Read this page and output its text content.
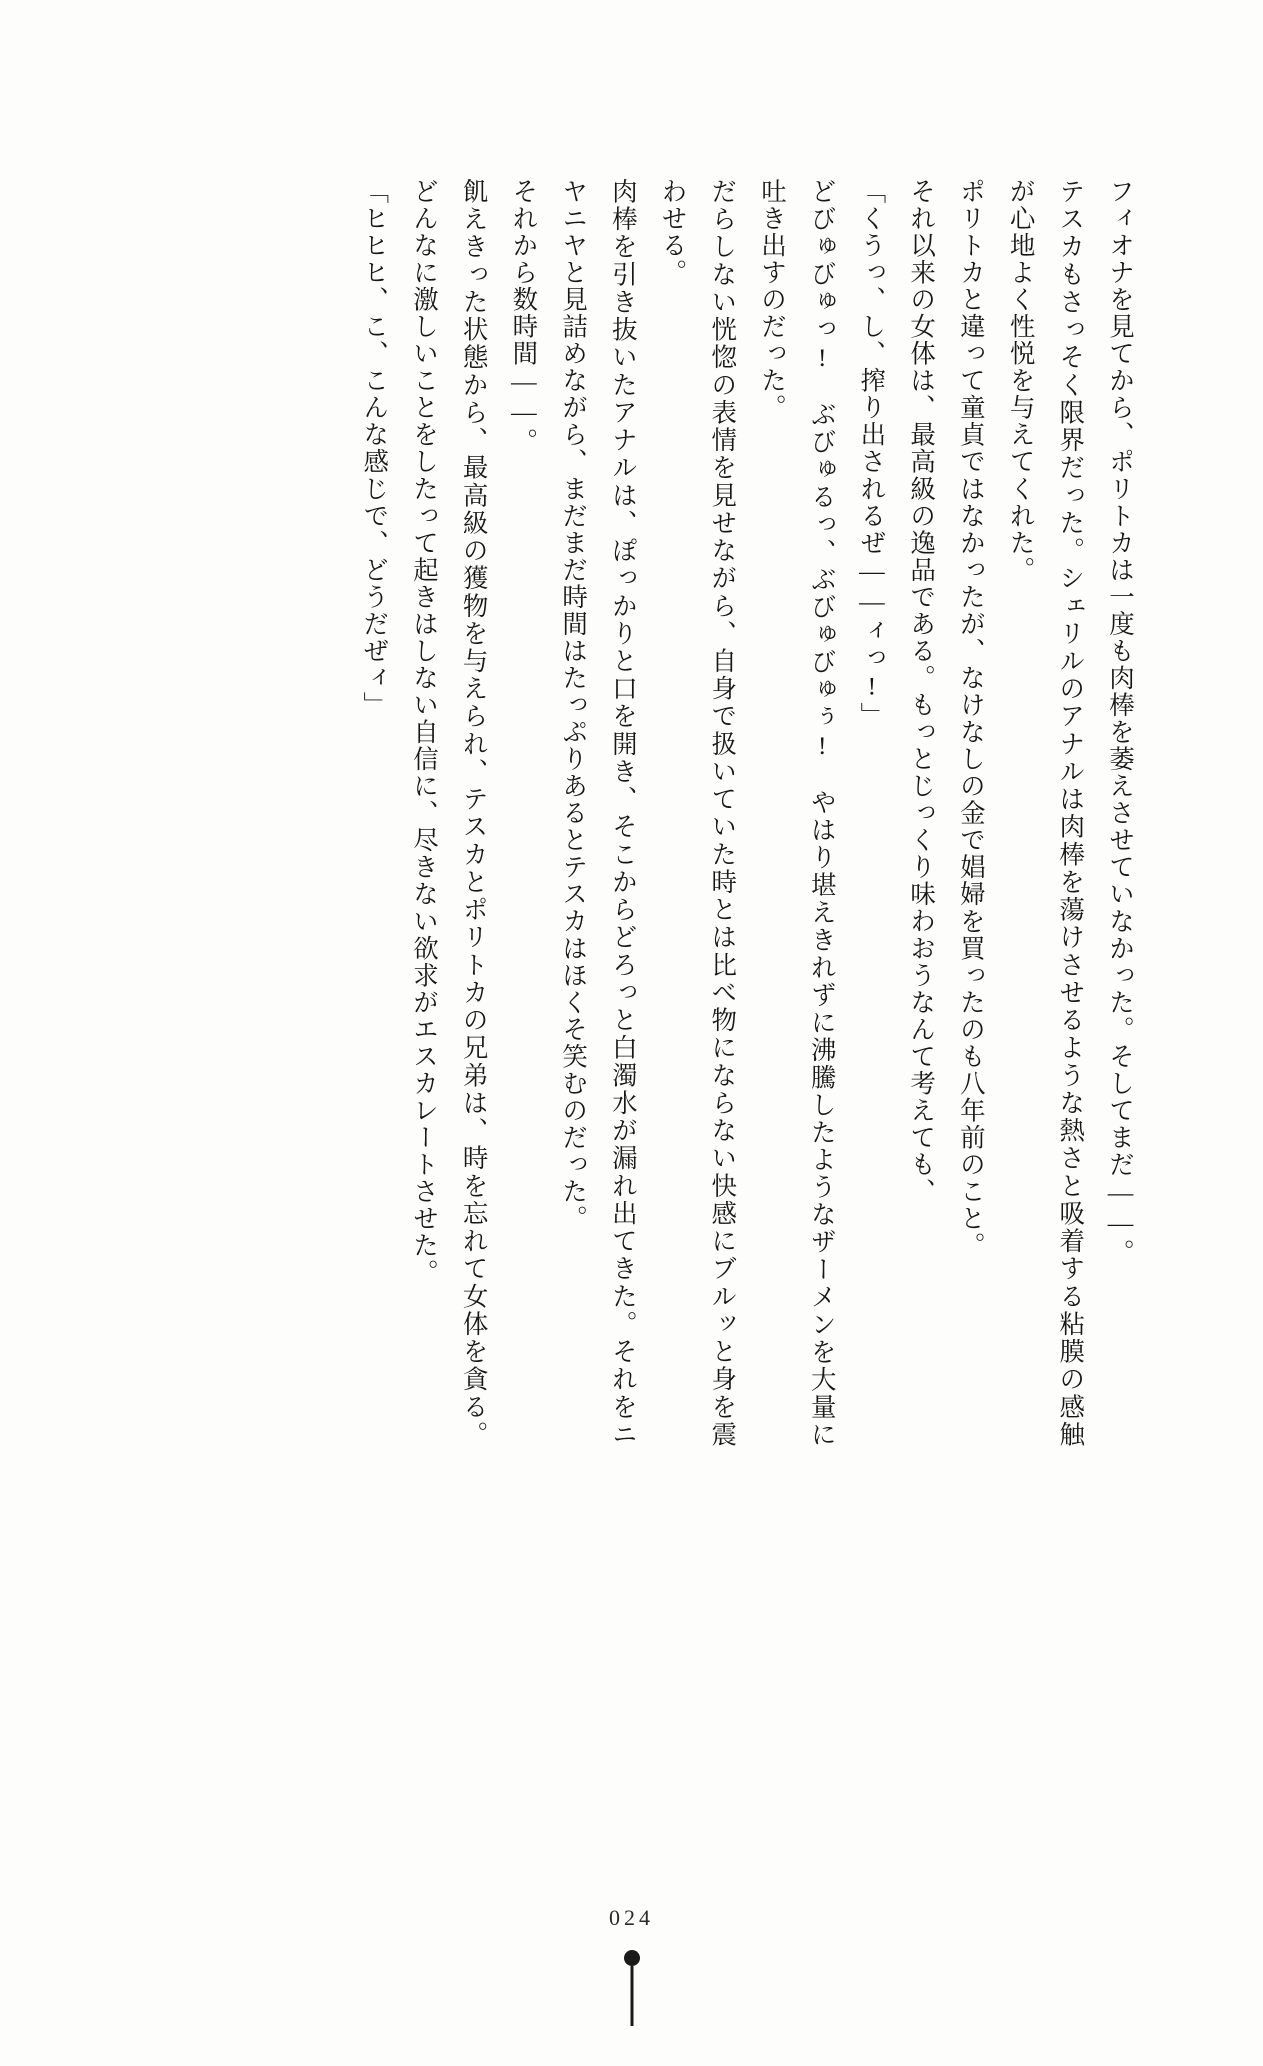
フィオナを見てから、ポリトカは一度も肉棒を萎えさせていなかった。そしてまだ――。

テスカもさっそく限界だった。シェリルのアナルは肉棒を蕩けさせるような熱さと吸着する粘膜の感触が心地よく性悦を与えてくれた。

ポリトカと違って童貞ではなかったが、なけなしの金で娼婦を買ったのも八年前のこと。

それ以来の女体は、最高級の逸品である。もっとじっくり味わおうなんて考えても、

「くうっ、し、搾り出されるぜ――ィっ!」

どびゅびゅっ!　ぶびゅるっ、ぶびゅびゅぅ!　やはり堪えきれずに沸騰したようなザーメンを大量に吐き出すのだった。

だらしない恍惚の表情を見せながら、自身で扱いていた時とは比べ物にならない快感にブルッと身を震わせる。

肉棒を引き抜いたアナルは、ぽっかりと口を開き、そこからどろっと白濁水が漏れ出てきた。それをニヤニヤと見詰めながら、まだまだ時間はたっぷりあるとテスカはほくそ笑むのだった。

それから数時間――。

飢えきった状態から、最高級の獲物を与えられ、テスカとポリトカの兄弟は、時を忘れて女体を貪る。どんなに激しいことをしたって起きはしない自信に、尽きない欲求がエスカレートさせた。

「ヒヒヒ、こ、こんな感じで、どうだぜィ」

024
